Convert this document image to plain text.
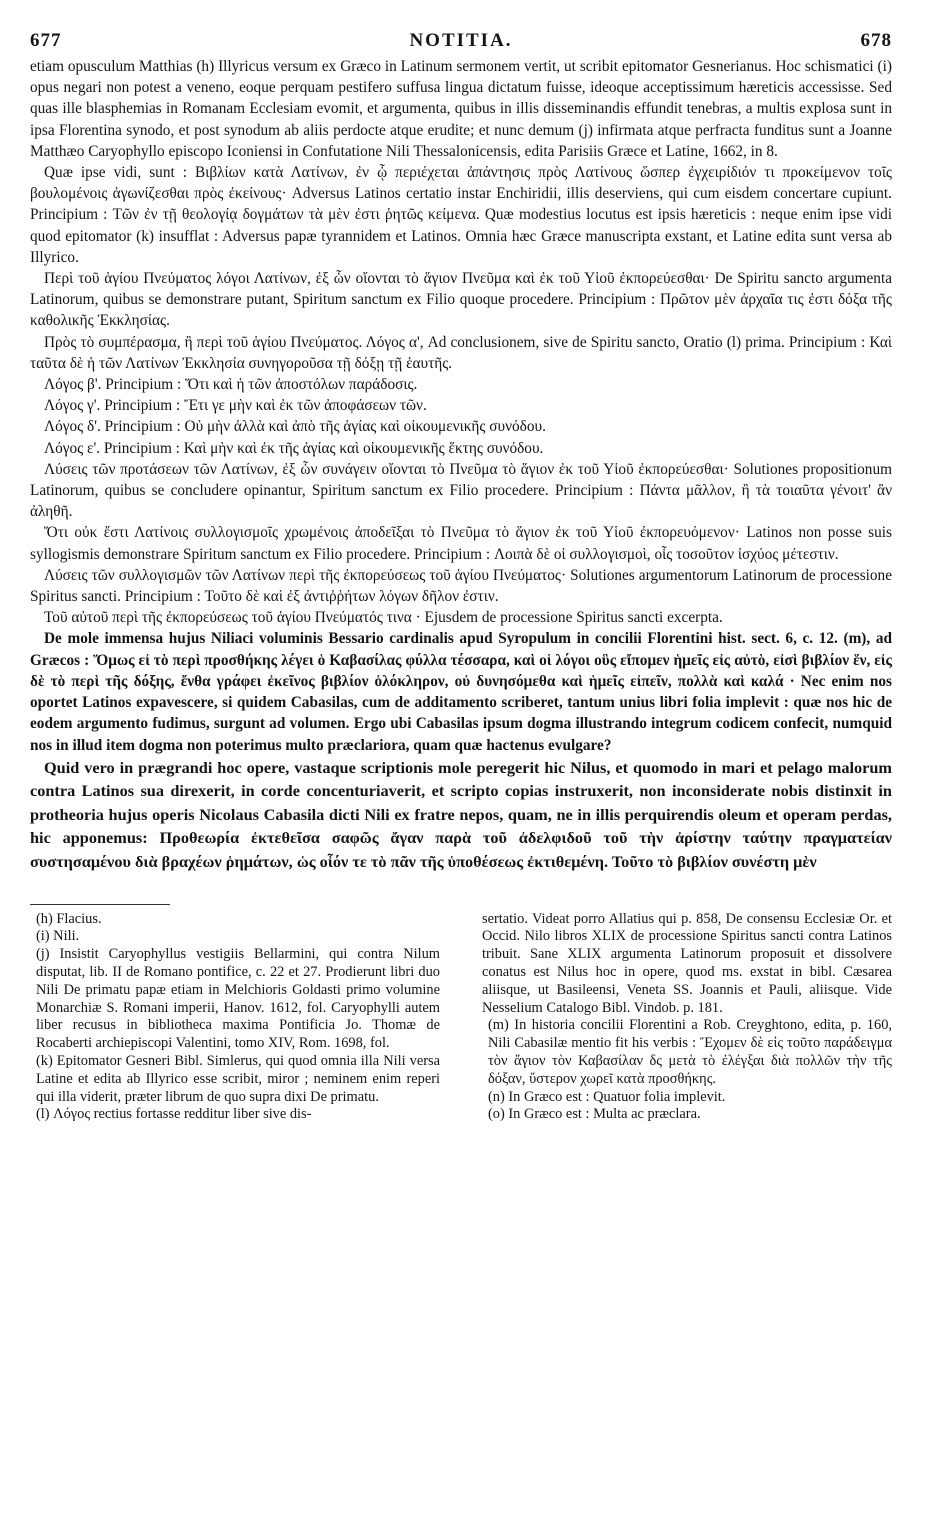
677	NOTITIA.	678

etiam opusculum Matthias (h) Illyricus versum ex Græco in Latinum sermonem vertit, ut scribit epitomator Gesnerianus. Hoc schismatici (i) opus negari non potest a veneno, eoque perquam pestifero suffusa lingua dictatum fuisse, ideoque acceptissimum hæreticis accessisse. Sed quas ille blasphemias in Romanam Ecclesiam evomit, et argumenta, quibus in illis disseminandis effundit tenebras, a multis explosa sunt in ipsa Florentina synodo, et post synodum ab aliis perdocte atque erudite; et nunc demum (j) infirmata atque perfracta funditus sunt a Joanne Matthæo Caryophyllo episcopo Iconiensi in Confutatione Nili Thessalonicensis, edita Parisiis Græce et Latine, 1662, in 8.

Quæ ipse vidi, sunt : Βιβλίων κατὰ Λατίνων, ἐν ᾧ περιέχεται ἀπάντησις πρὸς Λατίνους ὥσπερ ἐγχειρίδιόν τι προκείμενον τοῖς βουλομένοις ἀγωνίζεσθαι πρὸς ἐκείνους· Adversus Latinos certatio instar Enchiridii, illis deserviens, qui cum eisdem concertare cupiunt. Principium : Τῶν ἐν τῇ θεολογίᾳ δογμάτων τὰ μὲν ἐστι ῥητῶς κείμενα. Quæ modestius locutus est ipsis hæreticis : neque enim ipse vidi quod epitomator (k) insufflat : Adversus papæ tyrannidem et Latinos. Omnia hæc Græce manuscripta exstant, et Latine edita sunt versa ab Illyrico.

Περὶ τοῦ ἁγίου Πνεύματος λόγοι Λατίνων, ἐξ ὧν οἴονται τὸ ἅγιον Πνεῦμα καὶ ἐκ τοῦ Υἱοῦ ἐκπορεύεσθαι· De Spiritu sancto argumenta Latinorum, quibus se demonstrare putant, Spiritum sanctum ex Filio quoque procedere. Principium : Πρῶτον μὲν ἀρχαῖα τις ἐστι δόξα τῆς καθολικῆς Ἐκκλησίας.

Πρὸς τὸ συμπέρασμα, ἢ περὶ τοῦ ἁγίου Πνεύματος. Λόγος α', Ad conclusionem, sive de Spiritu sancto, Oratio (l) prima. Principium : Καὶ ταῦτα δὲ ἡ τῶν Λατίνων Ἐκκλησία συνηγοροῦσα τῇ δόξῃ τῇ ἑαυτῆς.

Λόγος β'. Principium : Ὅτι καὶ ἡ τῶν ἀποστόλων παράδοσις.

Λόγος γ'. Principium : Ἔτι γε μὴν καὶ ἐκ τῶν ἀποφάσεων τῶν.

Λόγος δ'. Principium : Οὐ μὴν ἀλλὰ καὶ ἀπὸ τῆς ἁγίας καὶ οἰκουμενικῆς συνόδου.

Λόγος ε'. Principium : Καὶ μὴν καὶ ἐκ τῆς ἁγίας καὶ οἰκουμενικῆς ἕκτης συνόδου.

Λύσεις τῶν προτάσεων τῶν Λατίνων, ἐξ ὧν συνάγειν οἴονται τὸ Πνεῦμα τὸ ἅγιον ἐκ τοῦ Υἱοῦ ἐκπορεύεσθαι· Solutiones propositionum Latinorum, quibus se concludere opinantur, Spiritum sanctum ex Filio procedere. Principium : Πάντα μᾶλλον, ἢ τὰ τοιαῦτα γένοιτ' ἂν ἀληθῆ.

Ὅτι οὐκ ἔστι Λατίνοις συλλογισμοῖς χρωμένοις ἀποδεῖξαι τὸ Πνεῦμα τὸ ἅγιον ἐκ τοῦ Υἱοῦ ἐκπορευόμενον· Latinos non posse suis syllogismis demonstrare Spiritum sanctum ex Filio procedere. Principium : Λοιπὰ δὲ οἱ συλλογισμοὶ, οἷς τοσοῦτον ἰσχύος μέτεστιν.

Λύσεις τῶν συλλογισμῶν τῶν Λατίνων περὶ τῆς ἐκπορεύσεως τοῦ ἁγίου Πνεύματος· Solutiones argumentorum Latinorum de processione Spiritus sancti. Principium : Τοῦτο δὲ καὶ ἐξ ἀντιῤῥήτων λόγων δῆλον ἐστιν.

Τοῦ αὐτοῦ περὶ τῆς ἐκπορεύσεως τοῦ ἁγίου Πνεύματός τινα · Ejusdem de processione Spiritus sancti excerpta.

De mole immensa hujus Niliaci voluminis Bessario cardinalis apud Syropulum in concilii Florentini hist. sect. 6, c. 12. (m), ad Græcos : Ὅμως εἰ τὸ περὶ προσθήκης λέγει ὁ Καβασίλας φύλλα τέσσαρα, καὶ οἱ λόγοι οὓς εἴπομεν ἡμεῖς εἰς αὐτὸ, εἰσὶ βιβλίον ἕν, εἰς δὲ τὸ περὶ τῆς δόξης, ἔνθα γράφει ἐκεῖνος βιβλίον ὁλόκληρον, οὐ δυνησόμεθα καὶ ἡμεῖς εἰπεῖν, πολλὰ καὶ καλά · Nec enim nos oportet Latinos expavescere, si quidem Cabasilas, cum de additamento scriberet, tantum unius libri folia implevit : quæ nos hic de eodem argumento fudimus, surgunt ad volumen. Ergo ubi Cabasilas ipsum dogma illustrando integrum codicem confecit, numquid nos in illud item dogma non poterimus multo præclariora, quam quæ hactenus evulgare?

Quid vero in prægrandi hoc opere, vastaque scriptionis mole peregerit hic Nilus, et quomodo in mari et pelago malorum contra Latinos sua direxerit, in corde concenturiaverit, et scripto copias instruxerit, non inconsiderate nobis distinxit in protheoria hujus operis Nicolaus Cabasila dicti Nili ex fratre nepos, quam, ne in illis perquirendis oleum et operam perdas, hic apponemus: Προθεωρία ἐκτεθεῖσα σαφῶς ἄγαν παρὰ τοῦ ἀδελφιδοῦ τοῦ τὴν ἀρίστην ταύτην πραγματείαν συστησαμένου διὰ βραχέων ῥημάτων, ὡς οἷόν τε τὸ πᾶν τῆς ὑποθέσεως ἐκτιθεμένη. Τοῦτο τὸ βιβλίον συνέστη μὲν

(h) Flacius.

(i) Nili.

(j) Insistit Caryophyllus vestigiis Bellarmini, qui contra Nilum disputat, lib. II de Romano pontifice, c. 22 et 27. Prodierunt libri duo Nili De primatu papæ etiam in Melchioris Goldasti primo volumine Monarchiæ S. Romani imperii, Hanov. 1612, fol. Caryophylli autem liber recusus in bibliotheca maxima Pontificia Jo. Thomæ de Rocaberti archiepiscopi Valentini, tomo XIV, Rom. 1698, fol.

(k) Epitomator Gesneri Bibl. Simlerus, qui quod omnia illa Nili versa Latine et edita ab Illyrico esse scribit, miror ; neminem enim reperi qui illa viderit, præter librum de quo supra dixi De primatu.

(l) Λόγος rectius fortasse redditur liber sive dis-

sertatio. Videat porro Allatius qui p. 858, De consensu Ecclesiæ Or. et Occid. Nilo libros XLIX de processione Spiritus sancti contra Latinos tribuit. Sane XLIX argumenta Latinorum proposuit et dissolvere conatus est Nilus hoc in opere, quod ms. exstat in bibl. Cæsarea aliisque, ut Basileensi, Veneta SS. Joannis et Pauli, aliisque. Vide Nesselium Catalogo Bibl. Vindob. p. 181.

(m) In historia concilii Florentini a Rob. Creyghtono, edita, p. 160, Nili Cabasilæ mentio fit his verbis : Ἔχομεν δὲ εἰς τοῦτο παράδειγμα τὸν ἅγιον τὸν Καβασίλαν δς μετὰ τὸ ἐλέγξαι διὰ πολλῶν τὴν τῆς δόξαν, ὕστερον χωρεῖ κατὰ προσθήκης.

(n) In Græco est : Quatuor folia implevit.

(o) In Græco est : Multa ac præclara.
